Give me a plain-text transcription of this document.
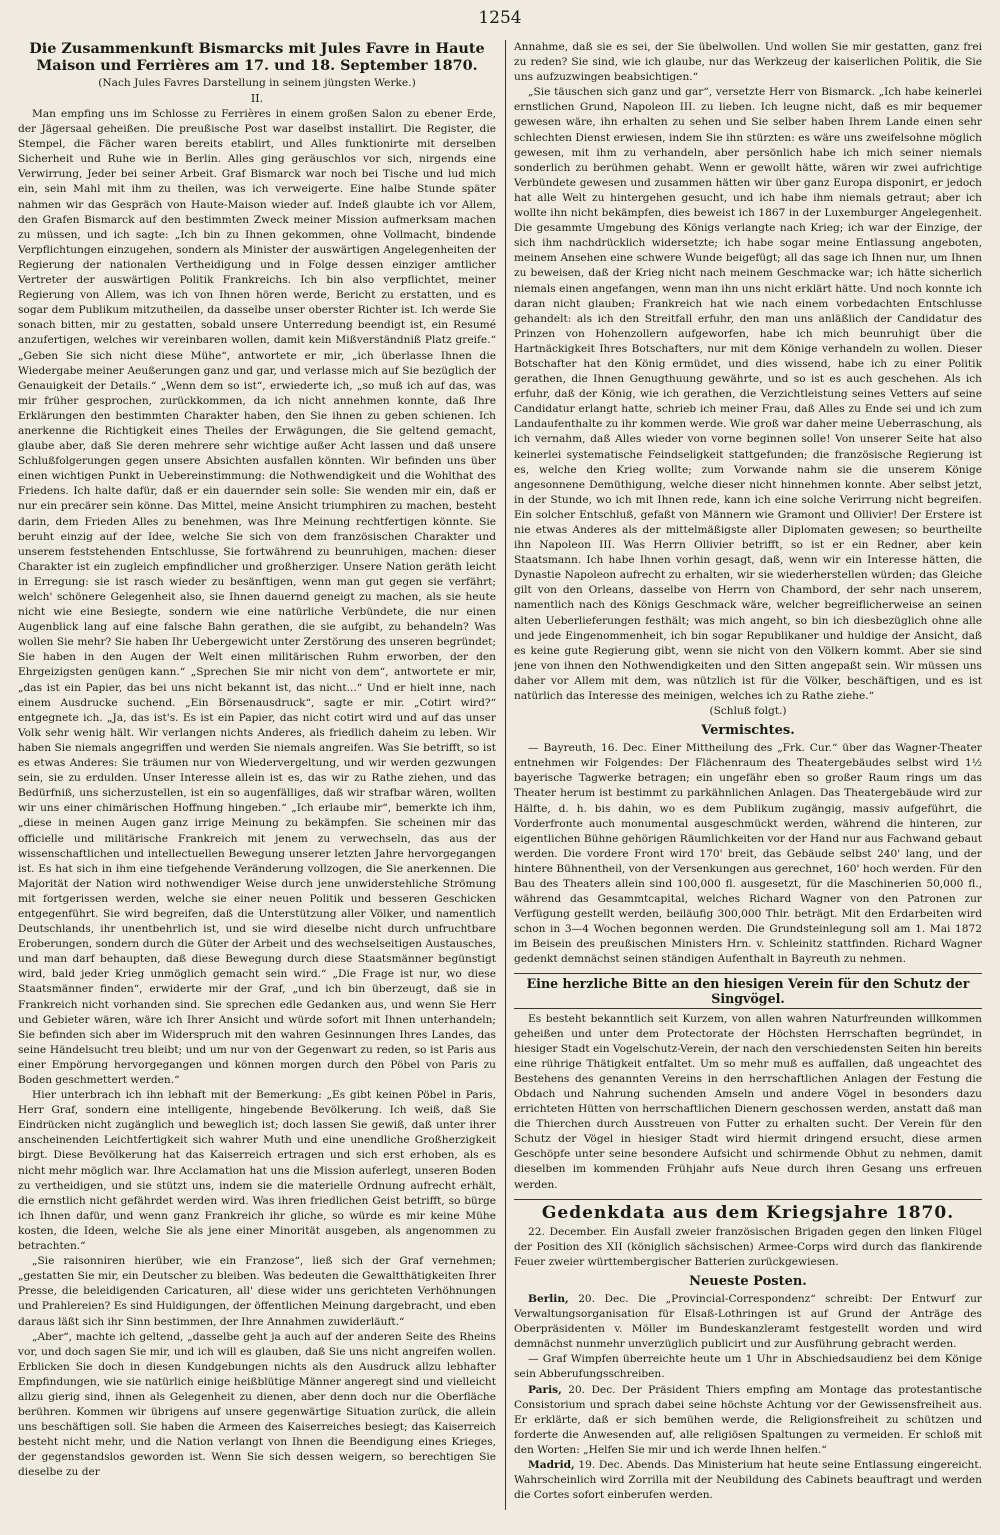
1254
Die Zusammenkunft Bismarcks mit Jules Favre in Haute Maison und Ferrières am 17. und 18. September 1870.

(Nach Jules Favres Darstellung in seinem jüngsten Werke.)

II.

Man empfing uns im Schlosse zu Ferrières in einem großen Salon zu ebener Erde, der Jägersaal geheißen. Die preußische Post war daselbst installirt. Die Register, die Stempel, die Fächer waren bereits etablirt, und Alles funktionirte mit derselben Sicherheit und Ruhe wie in Berlin. Alles ging geräuschlos vor sich, nirgends eine Verwirrung, Jeder bei seiner Arbeit. Graf Bismarck war noch bei Tische und lud mich ein, sein Mahl mit ihm zu theilen, was ich verweigerte. Eine halbe Stunde später nahmen wir das Gespräch von Haute-Maison wieder auf. Indeß glaubte ich vor Allem, den Grafen Bismarck auf den bestimmten Zweck meiner Mission aufmerksam machen zu müssen, und ich sagte: „Ich bin zu Ihnen gekommen, ohne Vollmacht, bindende Verpflichtungen einzugehen, sondern als Minister der auswärtigen Angelegenheiten der Regierung der nationalen Vertheidigung und in Folge dessen einziger amtlicher Vertreter der auswärtigen Politik Frankreichs. Ich bin also verpflichtet, meiner Regierung von Allem, was ich von Ihnen hören werde, Bericht zu erstatten, und es sogar dem Publikum mitzutheilen, da dasselbe unser oberster Richter ist. Ich werde Sie sonach bitten, mir zu gestatten, sobald unsere Unterredung beendigt ist, ein Resumé anzufertigen, welches wir vereinbaren wollen, damit kein Mißverständniß Platz greife.“ „Geben Sie sich nicht diese Mühe“, antwortete er mir, „ich überlasse Ihnen die Wiedergabe meiner Aeußerungen ganz und gar, und verlasse mich auf Sie bezüglich der Genauigkeit der Details.“ „Wenn dem so ist“, erwiederte ich, „so muß ich auf das, was mir früher gesprochen, zurückkommen, da ich nicht annehmen konnte, daß Ihre Erklärungen den bestimmten Charakter haben, den Sie ihnen zu geben schienen. Ich anerkenne die Richtigkeit eines Theiles der Erwägungen, die Sie geltend gemacht, glaube aber, daß Sie deren mehrere sehr wichtige außer Acht lassen und daß unsere Schlußfolgerungen gegen unsere Absichten ausfallen könnten. Wir befinden uns über einen wichtigen Punkt in Uebereinstimmung: die Nothwendigkeit und die Wohlthat des Friedens. Ich halte dafür, daß er ein dauernder sein solle: Sie wenden mir ein, daß er nur ein precärer sein könne. Das Mittel, meine Ansicht triumphiren zu machen, besteht darin, dem Frieden Alles zu benehmen, was Ihre Meinung rechtfertigen könnte. Sie beruht einzig auf der Idee, welche Sie sich von dem französischen Charakter und unserem feststehenden Entschlusse, Sie fortwährend zu beunruhigen, machen: dieser Charakter ist ein zugleich empfindlicher und großherziger. Unsere Nation geräth leicht in Erregung: sie ist rasch wieder zu besänftigen, wenn man gut gegen sie verfährt; welch' schönere Gelegenheit also, sie Ihnen dauernd geneigt zu machen, als sie heute nicht wie eine Besiegte, sondern wie eine natürliche Verbündete, die nur einen Augenblick lang auf eine falsche Bahn gerathen, die sie aufgibt, zu behandeln? Was wollen Sie mehr? Sie haben Ihr Uebergewicht unter Zerstörung des unseren begründet; Sie haben in den Augen der Welt einen militärischen Ruhm erworben, der den Ehrgeizigsten genügen kann.“ „Sprechen Sie mir nicht von dem“, antwortete er mir, „das ist ein Papier, das bei uns nicht bekannt ist, das nicht...“ Und er hielt inne, nach einem Ausdrucke suchend. „Ein Börsenausdruck“, sagte er mir. „Cotirt wird?“ entgegnete ich. „Ja, das ist's. Es ist ein Papier, das nicht cotirt wird und auf das unser Volk sehr wenig hält. Wir verlangen nichts Anderes, als friedlich daheim zu leben. Wir haben Sie niemals angegriffen und werden Sie niemals angreifen. Was Sie betrifft, so ist es etwas Anderes: Sie träumen nur von Wiedervergeltung, und wir werden gezwungen sein, sie zu erdulden. Unser Interesse allein ist es, das wir zu Rathe ziehen, und das Bedürfniß, uns sicherzustellen, ist ein so augenfälliges, daß wir strafbar wären, wollten wir uns einer chimärischen Hoffnung hingeben.“ „Ich erlaube mir“, bemerkte ich ihm, „diese in meinen Augen ganz irrige Meinung zu bekämpfen. Sie scheinen mir das officielle und militärische Frankreich mit jenem zu verwechseln, das aus der wissenschaftlichen und intellectuellen Bewegung unserer letzten Jahre hervorgegangen ist. Es hat sich in ihm eine tiefgehende Veränderung vollzogen, die Sie anerkennen. Die Majorität der Nation wird nothwendiger Weise durch jene unwiderstehliche Strömung mit fortgerissen werden, welche sie einer neuen Politik und besseren Geschicken entgegenführt. Sie wird begreifen, daß die Unterstützung aller Völker, und namentlich Deutschlands, ihr unentbehrlich ist, und sie wird dieselbe nicht durch unfruchtbare Eroberungen, sondern durch die Güter der Arbeit und des wechselseitigen Austausches, und man darf behaupten, daß diese Bewegung durch diese Staatsmänner begünstigt wird, bald jeder Krieg unmöglich gemacht sein wird.“ „Die Frage ist nur, wo diese Staatsmänner finden“, erwiderte mir der Graf, „und ich bin überzeugt, daß sie in Frankreich nicht vorhanden sind. Sie sprechen edle Gedanken aus, und wenn Sie Herr und Gebieter wären, wäre ich Ihrer Ansicht und würde sofort mit Ihnen unterhandeln; Sie befinden sich aber im Widerspruch mit den wahren Gesinnungen Ihres Landes, das seine Händelsucht treu bleibt; und um nur von der Gegenwart zu reden, so ist Paris aus einer Empörung hervorgegangen und können morgen durch den Pöbel von Paris zu Boden geschmettert werden.“

Hier unterbrach ich ihn lebhaft mit der Bemerkung: „Es gibt keinen Pöbel in Paris, Herr Graf, sondern eine intelligente, hingebende Bevölkerung. Ich weiß, daß Sie Eindrücken nicht zugänglich und beweglich ist; doch lassen Sie gewiß, daß unter ihrer anscheinenden Leichtfertigkeit sich wahrer Muth und eine unendliche Großherzigkeit birgt. Diese Bevölkerung hat das Kaiserreich ertragen und sich erst erhoben, als es nicht mehr möglich war. Ihre Acclamation hat uns die Mission auferlegt, unseren Boden zu vertheidigen, und sie stützt uns, indem sie die materielle Ordnung aufrecht erhält, die ernstlich nicht gefährdet werden wird. Was ihren friedlichen Geist betrifft, so bürge ich Ihnen dafür, und wenn ganz Frankreich ihr gliche, so würde es mir keine Mühe kosten, die Ideen, welche Sie als jene einer Minorität ausgeben, als angenommen zu betrachten.“

„Sie raisonniren hierüber, wie ein Franzose“, ließ sich der Graf vernehmen; „gestatten Sie mir, ein Deutscher zu bleiben. Was bedeuten die Gewaltthätigkeiten Ihrer Presse, die beleidigenden Caricaturen, all' diese wider uns gerichteten Verhöhnungen und Prahlereien? Es sind Huldigungen, der öffentlichen Meinung dargebracht, und eben daraus läßt sich ihr Sinn bestimmen, der Ihre Annahmen zuwiderläuft.“

„Aber“, machte ich geltend, „dasselbe geht ja auch auf der anderen Seite des Rheins vor, und doch sagen Sie mir, und ich will es glauben, daß Sie uns nicht angreifen wollen. Erblicken Sie doch in diesen Kundgebungen nichts als den Ausdruck allzu lebhafter Empfindungen, wie sie natürlich einige heißblütige Männer angeregt sind und vielleicht allzu gierig sind, ihnen als Gelegenheit zu dienen, aber denn doch nur die Oberfläche berühren. Kommen wir übrigens auf unsere gegenwärtige Situation zurück, die allein uns beschäftigen soll. Sie haben die Armeen des Kaiserreiches besiegt; das Kaiserreich besteht nicht mehr, und die Nation verlangt von Ihnen die Beendigung eines Krieges, der gegenstandslos geworden ist. Wenn Sie sich dessen weigern, so berechtigen Sie dieselbe zu der

Annahme, daß sie es sei, der Sie übelwollen. Und wollen Sie mir gestatten, ganz frei zu reden? Sie sind, wie ich glaube, nur das Werkzeug der kaiserlichen Politik, die Sie uns aufzuzwingen beabsichtigen.“

„Sie täuschen sich ganz und gar“, versetzte Herr von Bismarck. „Ich habe keinerlei ernstlichen Grund, Napoleon III. zu lieben. Ich leugne nicht, daß es mir bequemer gewesen wäre, ihn erhalten zu sehen und Sie selber haben Ihrem Lande einen sehr schlechten Dienst erwiesen, indem Sie ihn stürzten: es wäre uns zweifelsohne möglich gewesen, mit ihm zu verhandeln, aber persönlich habe ich mich seiner niemals sonderlich zu berühmen gehabt. Wenn er gewollt hätte, wären wir zwei aufrichtige Verbündete gewesen und zusammen hätten wir über ganz Europa disponirt, er jedoch hat alle Welt zu hintergehen gesucht, und ich habe ihm niemals getraut; aber ich wollte ihn nicht bekämpfen, dies beweist ich 1867 in der Luxemburger Angelegenheit. Die gesammte Umgebung des Königs verlangte nach Krieg; ich war der Einzige, der sich ihm nachdrücklich widersetzte; ich habe sogar meine Entlassung angeboten, meinem Ansehen eine schwere Wunde beigefügt; all das sage ich Ihnen nur, um Ihnen zu beweisen, daß der Krieg nicht nach meinem Geschmacke war; ich hätte sicherlich niemals einen angefangen, wenn man ihn uns nicht erklärt hätte. Und noch konnte ich daran nicht glauben; Frankreich hat wie nach einem vorbedachten Entschlusse gehandelt: als ich den Streitfall erfuhr, den man uns anläßlich der Candidatur des Prinzen von Hohenzollern aufgeworfen, habe ich mich beunruhigt über die Hartnäckigkeit Ihres Botschafters, nur mit dem Könige verhandeln zu wollen. Dieser Botschafter hat den König ermüdet, und dies wissend, habe ich zu einer Politik gerathen, die Ihnen Genugthuung gewährte, und so ist es auch geschehen. Als ich erfuhr, daß der König, wie ich gerathen, die Verzichtleistung seines Vetters auf seine Candidatur erlangt hatte, schrieb ich meiner Frau, daß Alles zu Ende sei und ich zum Landaufenthalte zu ihr kommen werde. Wie groß war daher meine Ueberraschung, als ich vernahm, daß Alles wieder von vorne beginnen solle! Von unserer Seite hat also keinerlei systematische Feindseligkeit stattgefunden; die französische Regierung ist es, welche den Krieg wollte; zum Vorwande nahm sie die unserem Könige angesonnene Demüthigung, welche dieser nicht hinnehmen konnte. Aber selbst jetzt, in der Stunde, wo ich mit Ihnen rede, kann ich eine solche Verirrung nicht begreifen. Ein solcher Entschluß, gefaßt von Männern wie Gramont und Ollivier! Der Erstere ist nie etwas Anderes als der mittelmäßigste aller Diplomaten gewesen; so beurtheilte ihn Napoleon III. Was Herrn Ollivier betrifft, so ist er ein Redner, aber kein Staatsmann. Ich habe Ihnen vorhin gesagt, daß, wenn wir ein Interesse hätten, die Dynastie Napoleon aufrecht zu erhalten, wir sie wiederherstellen würden; das Gleiche gilt von den Orleans, dasselbe von Herrn von Chambord, der sehr nach unserem, namentlich nach des Königs Geschmack wäre, welcher begreiflicherweise an seinen alten Ueberlieferungen festhält; was mich angeht, so bin ich diesbezüglich ohne alle und jede Eingenommenheit, ich bin sogar Republikaner und huldige der Ansicht, daß es keine gute Regierung gibt, wenn sie nicht von den Völkern kommt. Aber sie sind jene von ihnen den Nothwendigkeiten und den Sitten angepaßt sein. Wir müssen uns daher vor Allem mit dem, was nützlich ist für die Völker, beschäftigen, und es ist natürlich das Interesse des meinigen, welches ich zu Rathe ziehe.“

(Schluß folgt.)

Vermischtes.

— Bayreuth, 16. Dec. Einer Mittheilung des „Frk. Cur.“ über das Wagner-Theater entnehmen wir Folgendes: Der Flächenraum des Theatergebäudes selbst wird 1½ bayerische Tagwerke betragen; ein ungefähr eben so großer Raum rings um das Theater herum ist bestimmt zu parkähnlichen Anlagen. Das Theatergebäude wird zur Hälfte, d. h. bis dahin, wo es dem Publikum zugängig, massiv aufgeführt, die Vorderfronte auch monumental ausgeschmückt werden, während die hinteren, zur eigentlichen Bühne gehörigen Räumlichkeiten vor der Hand nur aus Fachwand gebaut werden. Die vordere Front wird 170' breit, das Gebäude selbst 240' lang, und der hintere Bühnentheil, von der Versenkungen aus gerechnet, 160' hoch werden. Für den Bau des Theaters allein sind 100,000 fl. ausgesetzt, für die Maschinerien 50,000 fl., während das Gesammtcapital, welches Richard Wagner von den Patronen zur Verfügung gestellt werden, beiläufig 300,000 Thlr. beträgt. Mit den Erdarbeiten wird schon in 3—4 Wochen begonnen werden. Die Grundsteinlegung soll am 1. Mai 1872 im Beisein des preußischen Ministers Hrn. v. Schleinitz stattfinden. Richard Wagner gedenkt demnächst seinen ständigen Aufenthalt in Bayreuth zu nehmen.

Eine herzliche Bitte an den hiesigen Verein für den Schutz der Singvögel.

Es besteht bekanntlich seit Kurzem, von allen wahren Naturfreunden willkommen geheißen und unter dem Protectorate der Höchsten Herrschaften begründet, in hiesiger Stadt ein Vogelschutz-Verein, der nach den verschiedensten Seiten hin bereits eine rührige Thätigkeit entfaltet. Um so mehr muß es auffallen, daß ungeachtet des Bestehens des genannten Vereins in den herrschaftlichen Anlagen der Festung die Obdach und Nahrung suchenden Amseln und andere Vögel in besonders dazu errichteten Hütten von herrschaftlichen Dienern geschossen werden, anstatt daß man die Thierchen durch Ausstreuen von Futter zu erhalten sucht. Der Verein für den Schutz der Vögel in hiesiger Stadt wird hiermit dringend ersucht, diese armen Geschöpfe unter seine besondere Aufsicht und schirmende Obhut zu nehmen, damit dieselben im kommenden Frühjahr aufs Neue durch ihren Gesang uns erfreuen werden.

Gedenkdata aus dem Kriegsjahre 1870.

22. December. Ein Ausfall zweier französischen Brigaden gegen den linken Flügel der Position des XII (königlich sächsischen) Armee-Corps wird durch das flankirende Feuer zweier württembergischer Batterien zurückgewiesen.

Neueste Posten.

Berlin, 20. Dec. Die „Provincial-Correspondenz“ schreibt: Der Entwurf zur Verwaltungsorganisation für Elsaß-Lothringen ist auf Grund der Anträge des Oberpräsidenten v. Möller im Bundeskanzleramt festgestellt worden und wird demnächst nunmehr unverzüglich publicirt und zur Ausführung gebracht werden.

— Graf Wimpfen überreichte heute um 1 Uhr in Abschiedsaudienz bei dem Könige sein Abberufungsschreiben.

Paris, 20. Dec. Der Präsident Thiers empfing am Montage das protestantische Consistorium und sprach dabei seine höchste Achtung vor der Gewissensfreiheit aus. Er erklärte, daß er sich bemühen werde, die Religionsfreiheit zu schützen und forderte die Anwesenden auf, alle religiösen Spaltungen zu vermeiden. Er schloß mit den Worten: „Helfen Sie mir und ich werde Ihnen helfen.“

Madrid, 19. Dec. Abends. Das Ministerium hat heute seine Entlassung eingereicht. Wahrscheinlich wird Zorrilla mit der Neubildung des Cabinets beauftragt und werden die Cortes sofort einberufen werden.
